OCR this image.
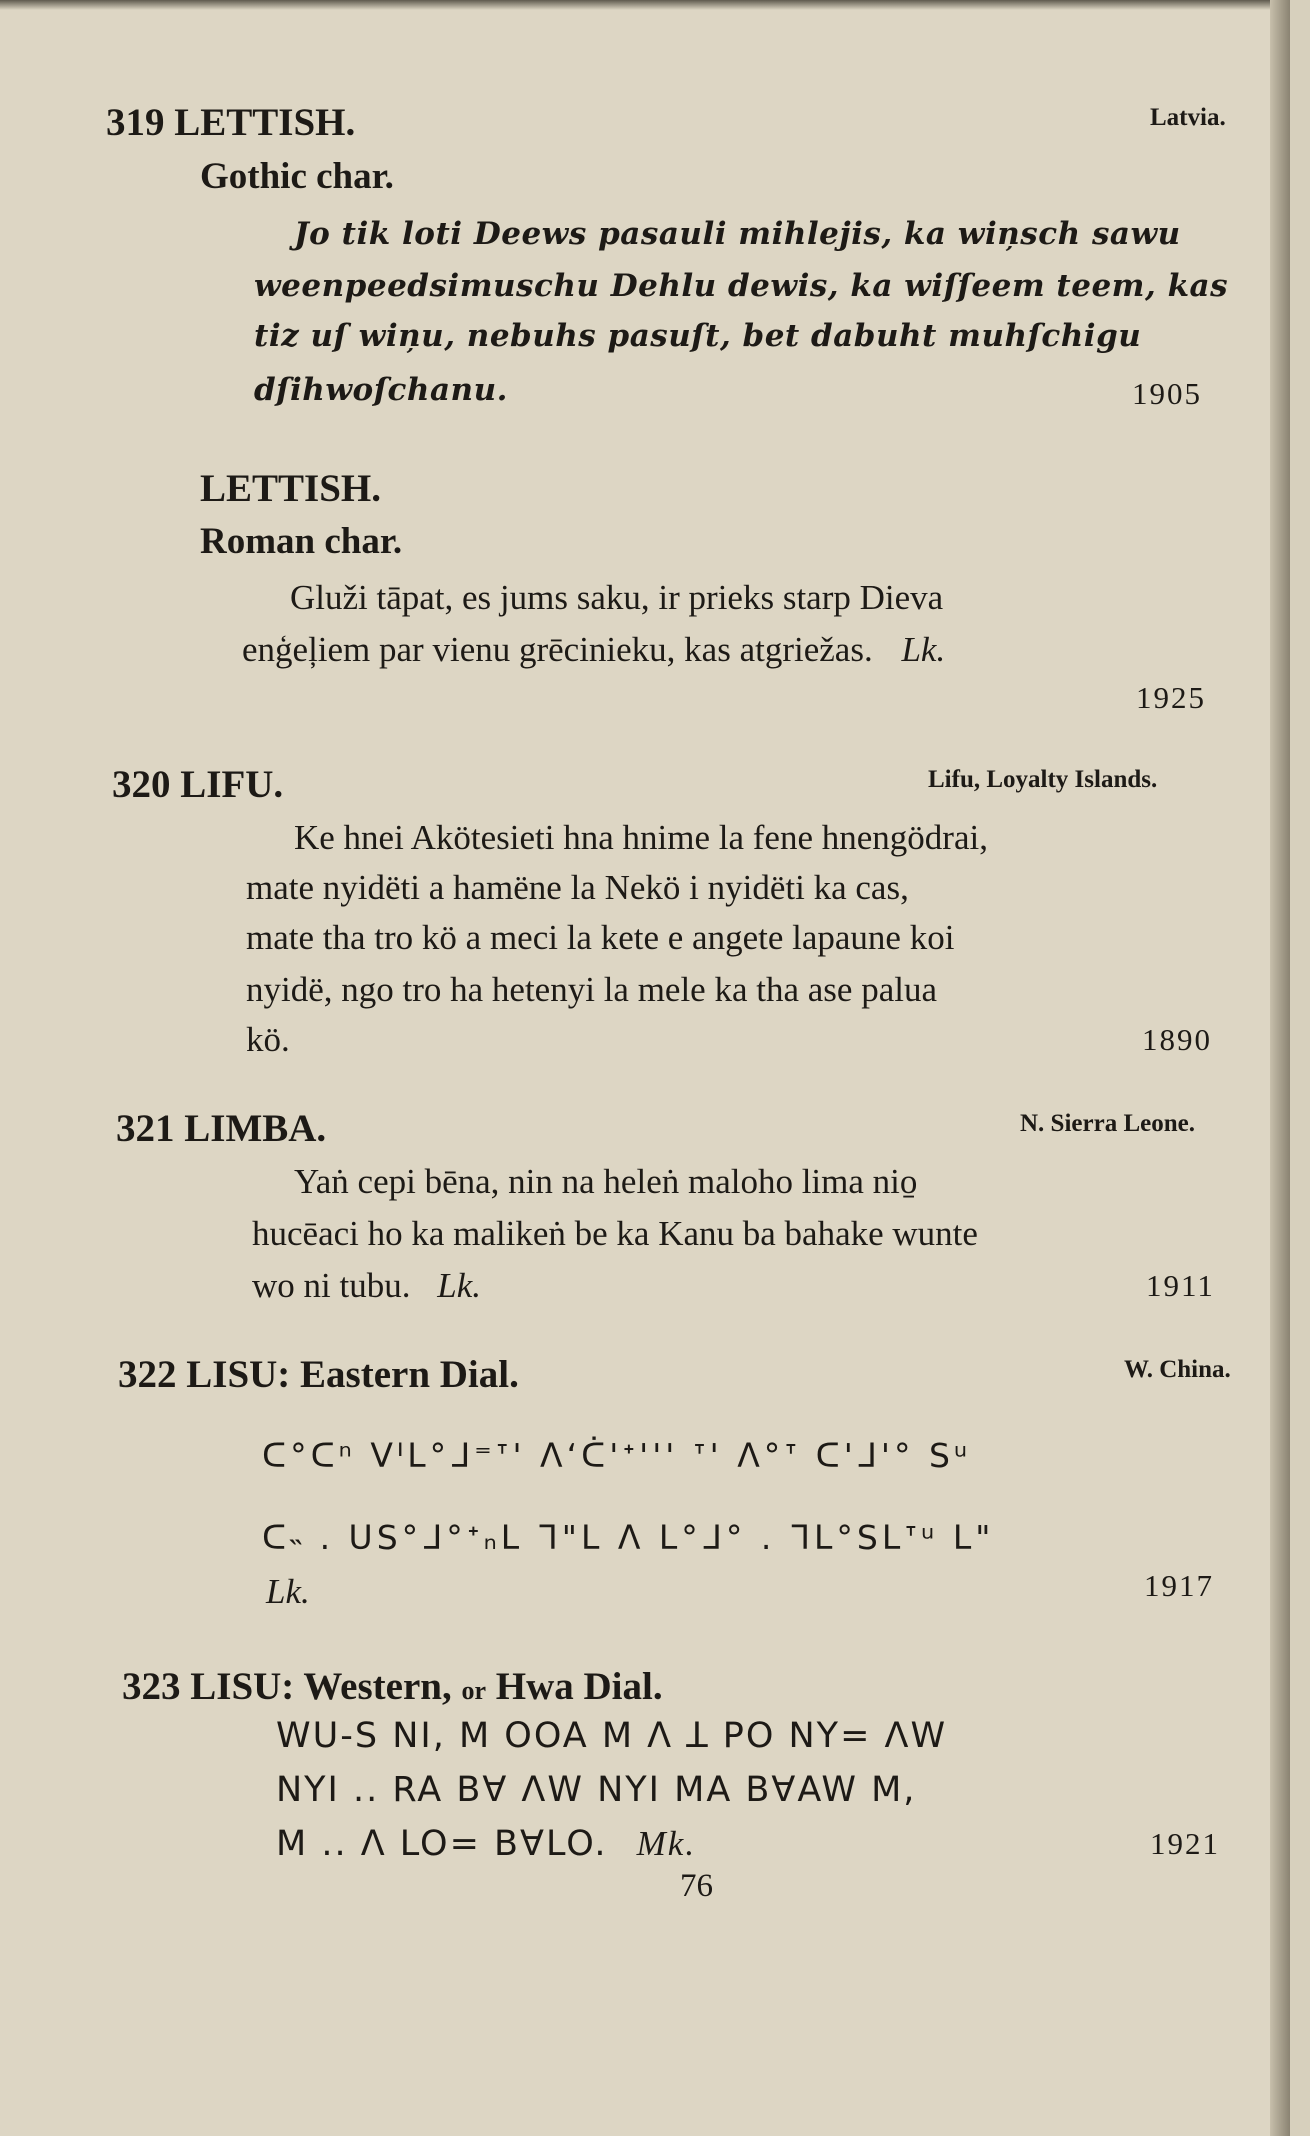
319 LETTISH.	Latvia.
Gothic char.
Jo tik loti Deews pasauli mihlejis, ka wiņsch sawu
weenpeedsimuschu Dehlu dewis, ka wiſſeem teem, kas
tiz uſ wiņu, nebuhs pasuſt, bet dabuht muhſchigu
dſihwoſchanu.	1905
LETTISH.
Roman char.
Gluži tāpat, es jums saku, ir prieks starp Dieva
enģeļiem par vienu grēcinieku, kas atgriežas. Lk.
1925
320 LIFU.	Lifu, Loyalty Islands.
Ke hnei Akötesieti hna hnime la fene hnengödrai,
mate nyidëti a hamëne la Nekö i nyidëti ka cas,
mate tha tro kö a meci la kete e angete lapaune koi
nyidë, ngo tro ha hetenyi la mele ka tha ase palua
kö.	1890
321 LIMBA.	N. Sierra Leone.
Yaṅ cepi bēna, nin na heleṅ maloho lima nio̱
hucēaci ho ka malikeṅ be ka Kanu ba bahake wunte
wo ni tubu. Lk.	1911
322 LISU: Eastern Dial.	W. China.
ᑕ°ᑕⁿ ᐯᑊᒪ°ᒧ⁼ᐪ' ᐱ‘ᑖ'ᐩ''' ᐪ' ᐱ°ᐪ ᑕ'ᒧ'° Sᵘ
ᑕ˵ . ᑌS°ᒧ°ᐩₙᒪ ᒣ"ᒪ ᐱ ᒪ°ᒧ° . ᒣᒪ°Sᒪᐪᵘ ᒪ"
Lk.	1917
323 LISU: Western, or Hwa Dial.
WU-S NI, M ꓳOA M ꓥ ꓕ PO NY= ꓥW
NYI .. RA Bꓯ ꓥW NYI MA BꓯAW M,
M .. ꓥ LO= BꓯLO. Mk.	1921
76
